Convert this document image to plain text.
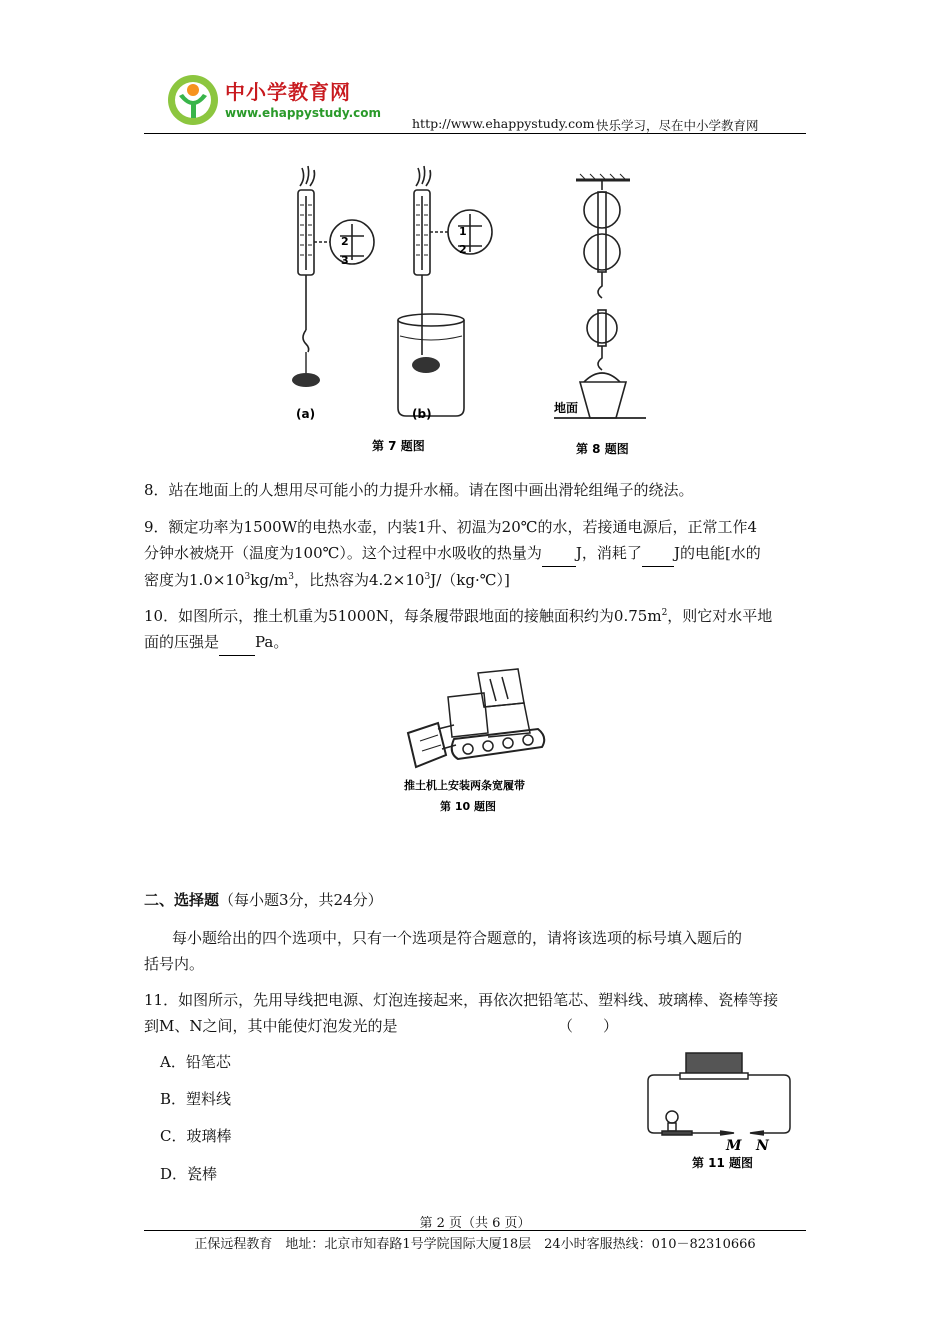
中小学教育网
www.ehappystudy.com
http://www.ehappystudy.com 快乐学习，尽在中小学教育网
2
3
(a)
1
2
(b)
第 7 题图
地面
第 8 题图
8．站在地面上的人想用尽可能小的力提升水桶。请在图中画出滑轮组绳子的绕法。
9．额定功率为1500W的电热水壶，内装1升、初温为20℃的水，若接通电源后，正常工作4
分钟水被烧开（温度为100℃）。这个过程中水吸收的热量为 J，消耗了 J的电能[水的
密度为$1.0\times 10^3kg/m^3$，比热容为$4.2\times 10^3J/(kg\cdot℃)$]
10．如图所示，推土机重为51000N，每条履带跟地面的接触面积约为$0.75m^2$，则它对水平地
面的压强是 Pa。
推土机上安装两条宽履带
第 10 题图
二、选择题（每小题3分，共24分）
每小题给出的四个选项中，只有一个选项是符合题意的，请将该选项的标号填入题后的
括号内。
11．如图所示，先用导线把电源、灯泡连接起来，再依次把铅笔芯、塑料线、玻璃棒、瓷棒等接
到M、N之间，其中能使灯泡发光的是	（　　）
A．铅笔芯
B．塑料线
C．玻璃棒
D．瓷棒
M N
第 11 题图
第 2 页（共 6 页）
正保远程教育　地址：北京市知春路1号学院国际大厦18层　24小时客服热线：010－82310666
